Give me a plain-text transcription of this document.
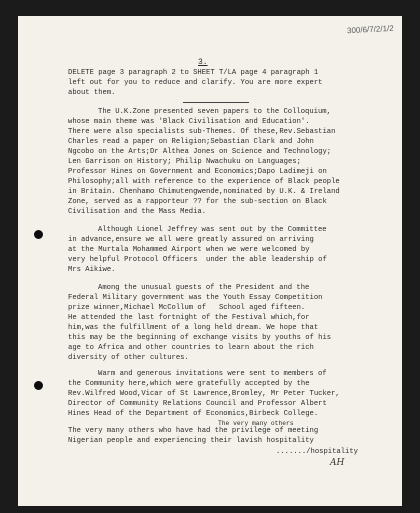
300/6/7/2/1/2
3.
DELETE page 3 paragraph 2 to SHEET T/LA page 4 paragraph 1
left out for you to reduce and clarify. You are more expert
about them.
The U.K.Zone presented seven papers to the Colloquium,
whose main theme was 'Black Civilisation and Education'.
There were also specialists sub-Themes. Of these,Rev.Sebastian
Charles read a paper on Religion;Sebastian Clark and John
Ngcobo on the Arts;Dr Althea Jones on Science and Technology;
Len Garrison on History; Philip Nwachuku on Languages;
Professor Hines on Government and Economics;Dapo Ladimeji on
Philosophy;all with reference to the experience of Black people
in Britain. Chenhamo Chimutengwende,nominated by U.K. & Ireland
Zone, served as a rapporteur ?? for the sub-section on Black
Civilisation and the Mass Media.
Although Lionel Jeffrey was sent out by the Committee
in advance,ensure we all were greatly assured on arriving
at the Murtala Mohammed Airport when we were welcomed by
very helpful Protocol Officers  under the able leadership of
Mrs Aikiwe.
Among the unusual guests of the President and the
Federal Military government was the Youth Essay Competition
prize winner,Michael McCollum of   School aged fifteen.
He attended the last fortnight of the Festival which,for
him,was the fulfillment of a long held dream. We hope that
this may be the beginning of exchange visits by youths of his
age to Africa and other countries to learn about the rich
diversity of other cultures.
Warm and generous invitations were sent to members of
the Community here,which were gratefully accepted by the
Rev.Wilfred Wood,Vicar of St Lawrence,Bromley, Mr Peter Tucker,
Director of Community Relations Council and Professor Albert
Hines Head of the Department of Economics,Birbeck College.
The very many others
The very many others who have had the privilege of meeting
Nigerian people and experiencing their lavish hospitality
......./hospitality
AH
